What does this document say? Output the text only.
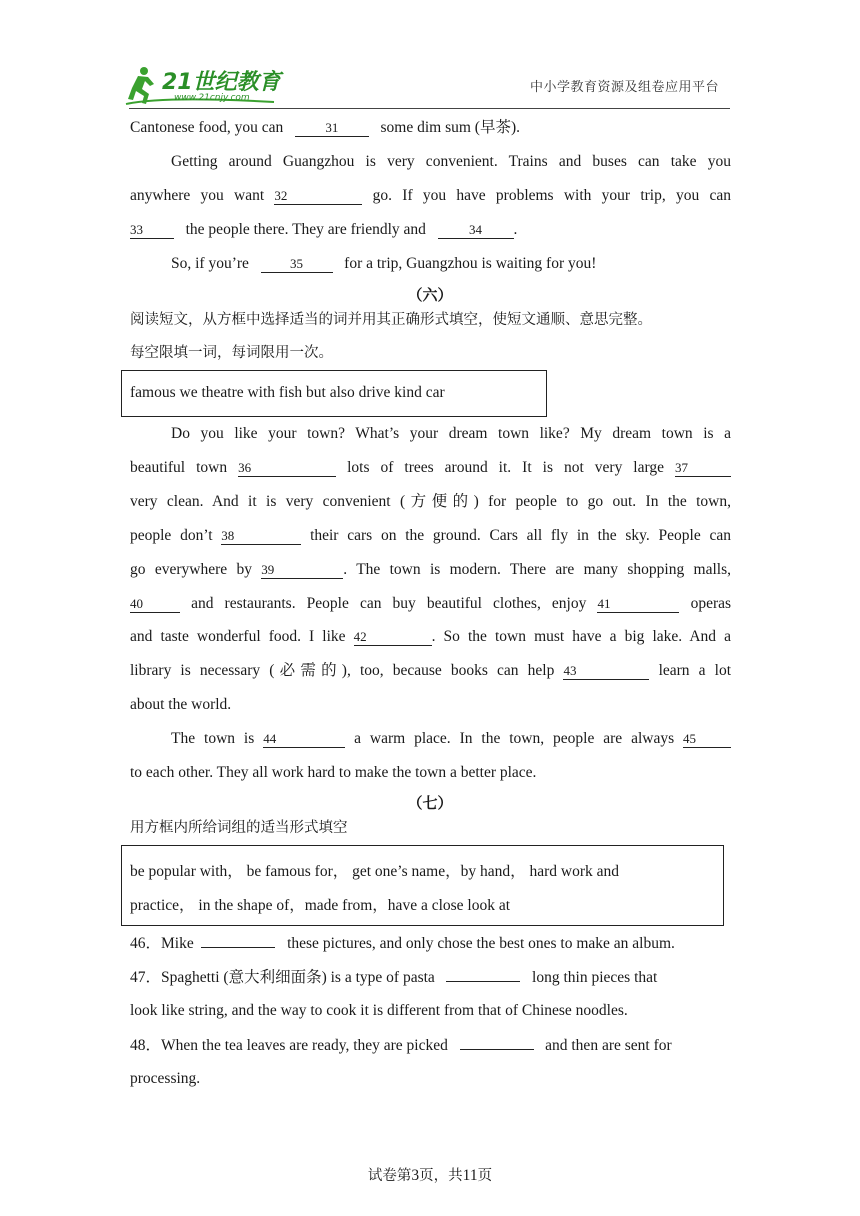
21世纪教育
www.21cnjy.com
中小学教育资源及组卷应用平台
Cantonese food, you can	31	some dim sum (早茶).
Getting around Guangzhou is very convenient. Trains and buses can take you
anywhere you want 32	go. If you have problems with your trip, you can
33	the people there. They are friendly and	34 .
So, if you’re	35	for a trip, Guangzhou is waiting for you!
（六）
阅读短文，从方框中选择适当的词并用其正确形式填空，使短文通顺、意思完整。
每空限填一词，每词限用一次。
famous we theatre with fish but also drive kind car
Do you like your town? What’s your dream town like? My dream town is a
beautiful town 36	lots of trees around it. It is not very large 37
very clean. And it is very convenient (方便的) for people to go out. In the town,
people don’t 38	their cars on the ground. Cars all fly in the sky. People can
go everywhere by 39	. The town is modern. There are many shopping malls,
40	and restaurants. People can buy beautiful clothes, enjoy 41	operas
and taste wonderful food. I like 42	. So the town must have a big lake. And a
library is necessary (必需的), too, because books can help 43	learn a lot
about the world.
The town is 44	a warm place. In the town, people are always 45
to each other. They all work hard to make the town a better place.
（七）
用方框内所给词组的适当形式填空
be popular with， be famous for， get one’s name，by hand， hard work and
practice， in the shape of，made from，have a close look at
46．Mike	these pictures, and only chose the best ones to make an album.
47．Spaghetti (意大利细面条) is a type of pasta	long thin pieces that
look like string, and the way to cook it is different from that of Chinese noodles.
48．When the tea leaves are ready, they are picked	and then are sent for
processing.
试卷第3页，共11页
